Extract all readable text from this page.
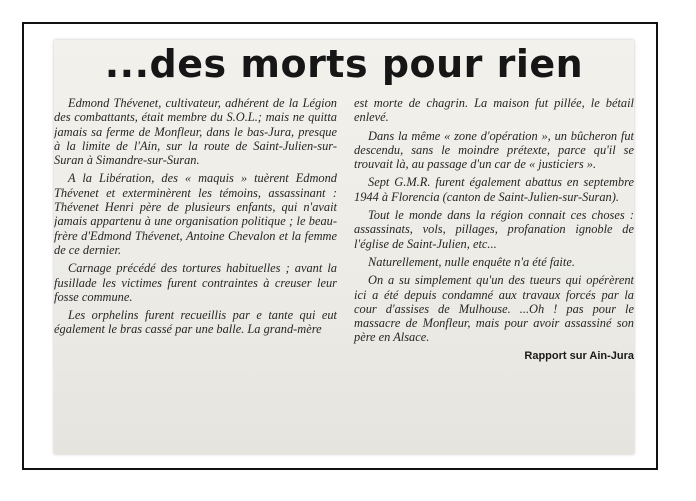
...des morts pour rien

Edmond Thévenet, cultivateur, adhérent de la Légion des combattants, était membre du S.O.L.; mais ne quitta jamais sa ferme de Monfleur, dans le bas-Jura, presque à la limite de l'Ain, sur la route de Saint-Julien-sur-Suran à Simandre-sur-Suran.

A la Libération, des « maquis » tuèrent Edmond Thévenet et exterminèrent les témoins, assassinant : Thévenet Henri père de plusieurs enfants, qui n'avait jamais appartenu à une organisation politique ; le beau-frère d'Edmond Thévenet, Antoine Chevalon et la femme de ce dernier.

Carnage précédé des tortures habituelles ; avant la fusillade les victimes furent contraintes à creuser leur fosse commune.

Les orphelins furent recueillis par e tante qui eut également le bras cassé par une balle. La grand-mère

est morte de chagrin. La maison fut pillée, le bétail enlevé.

Dans la même « zone d'opération », un bûcheron fut descendu, sans le moindre prétexte, parce qu'il se trouvait là, au passage d'un car de « justiciers ».

Sept G.M.R. furent également abattus en septembre 1944 à Florencia (canton de Saint-Julien-sur-Suran).

Tout le monde dans la région connait ces choses : assassinats, vols, pillages, profanation ignoble de l'église de Saint-Julien, etc...

Naturellement, nulle enquête n'a été faite.

On a su simplement qu'un des tueurs qui opérèrent ici a été depuis condamné aux travaux forcés par la cour d'assises de Mulhouse. ...Oh ! pas pour le massacre de Monfleur, mais pour avoir assassiné son père en Alsace.

Rapport sur Ain-Jura
